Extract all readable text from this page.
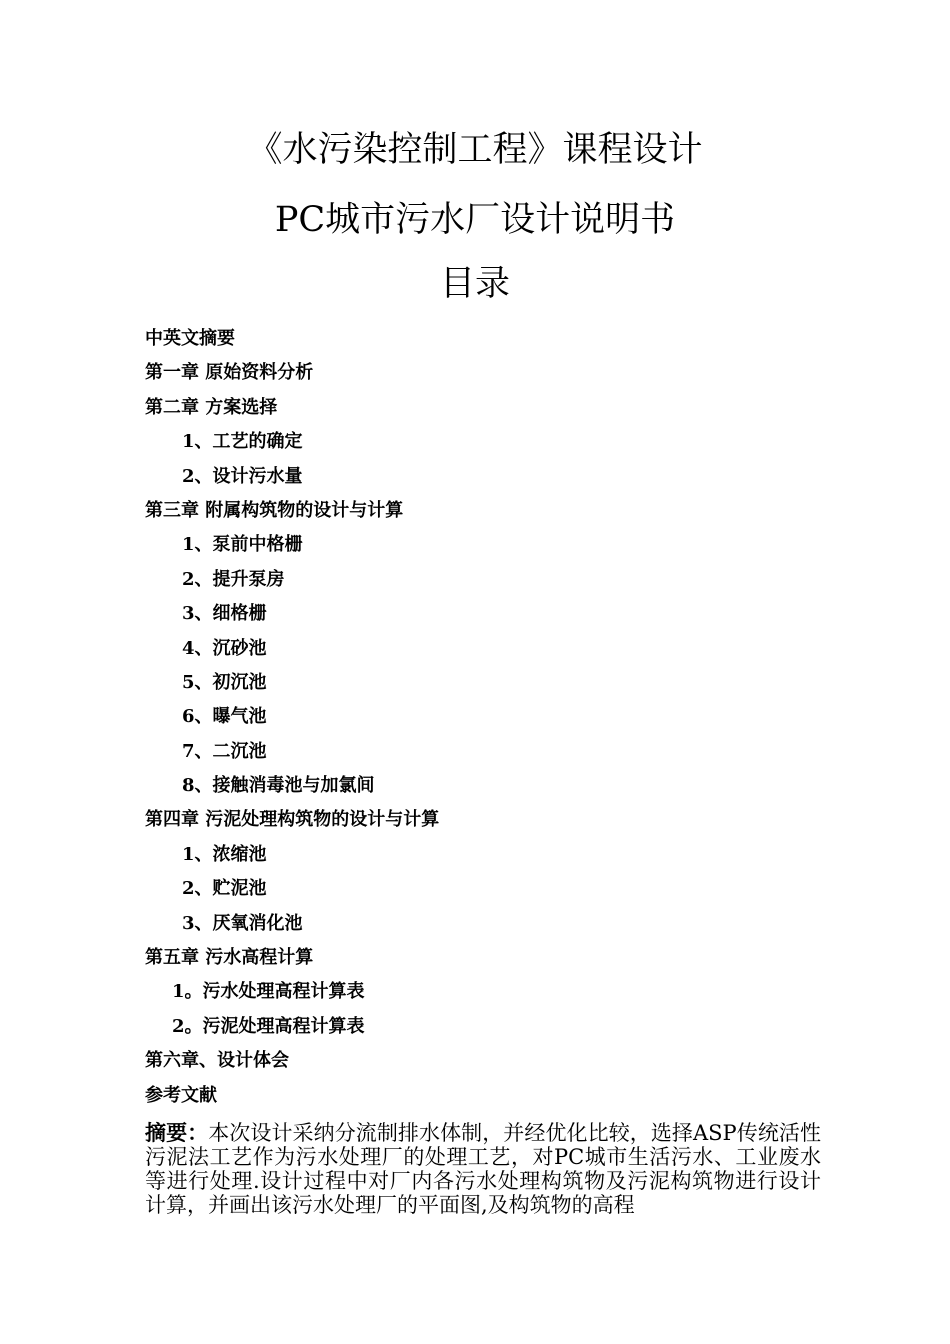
《水污染控制工程》课程设计
PC城市污水厂设计说明书
目录
中英文摘要
第一章 原始资料分析
第二章 方案选择
1、工艺的确定
2、设计污水量
第三章 附属构筑物的设计与计算
1、泵前中格栅
2、提升泵房
3、细格栅
4、沉砂池
5、初沉池
6、曝气池
7、二沉池
8、接触消毒池与加氯间
第四章 污泥处理构筑物的设计与计算
1、浓缩池
2、贮泥池
3、厌氧消化池
第五章 污水高程计算
1。污水处理高程计算表
2。污泥处理高程计算表
第六章、设计体会
参考文献

摘要：本次设计采纳分流制排水体制，并经优化比较，选择ASP传统活性污泥法工艺作为污水处理厂的处理工艺，对PC城市生活污水、工业废水等进行处理.设计过程中对厂内各污水处理构筑物及污泥构筑物进行设计计算，并画出该污水处理厂的平面图,及构筑物的高程
